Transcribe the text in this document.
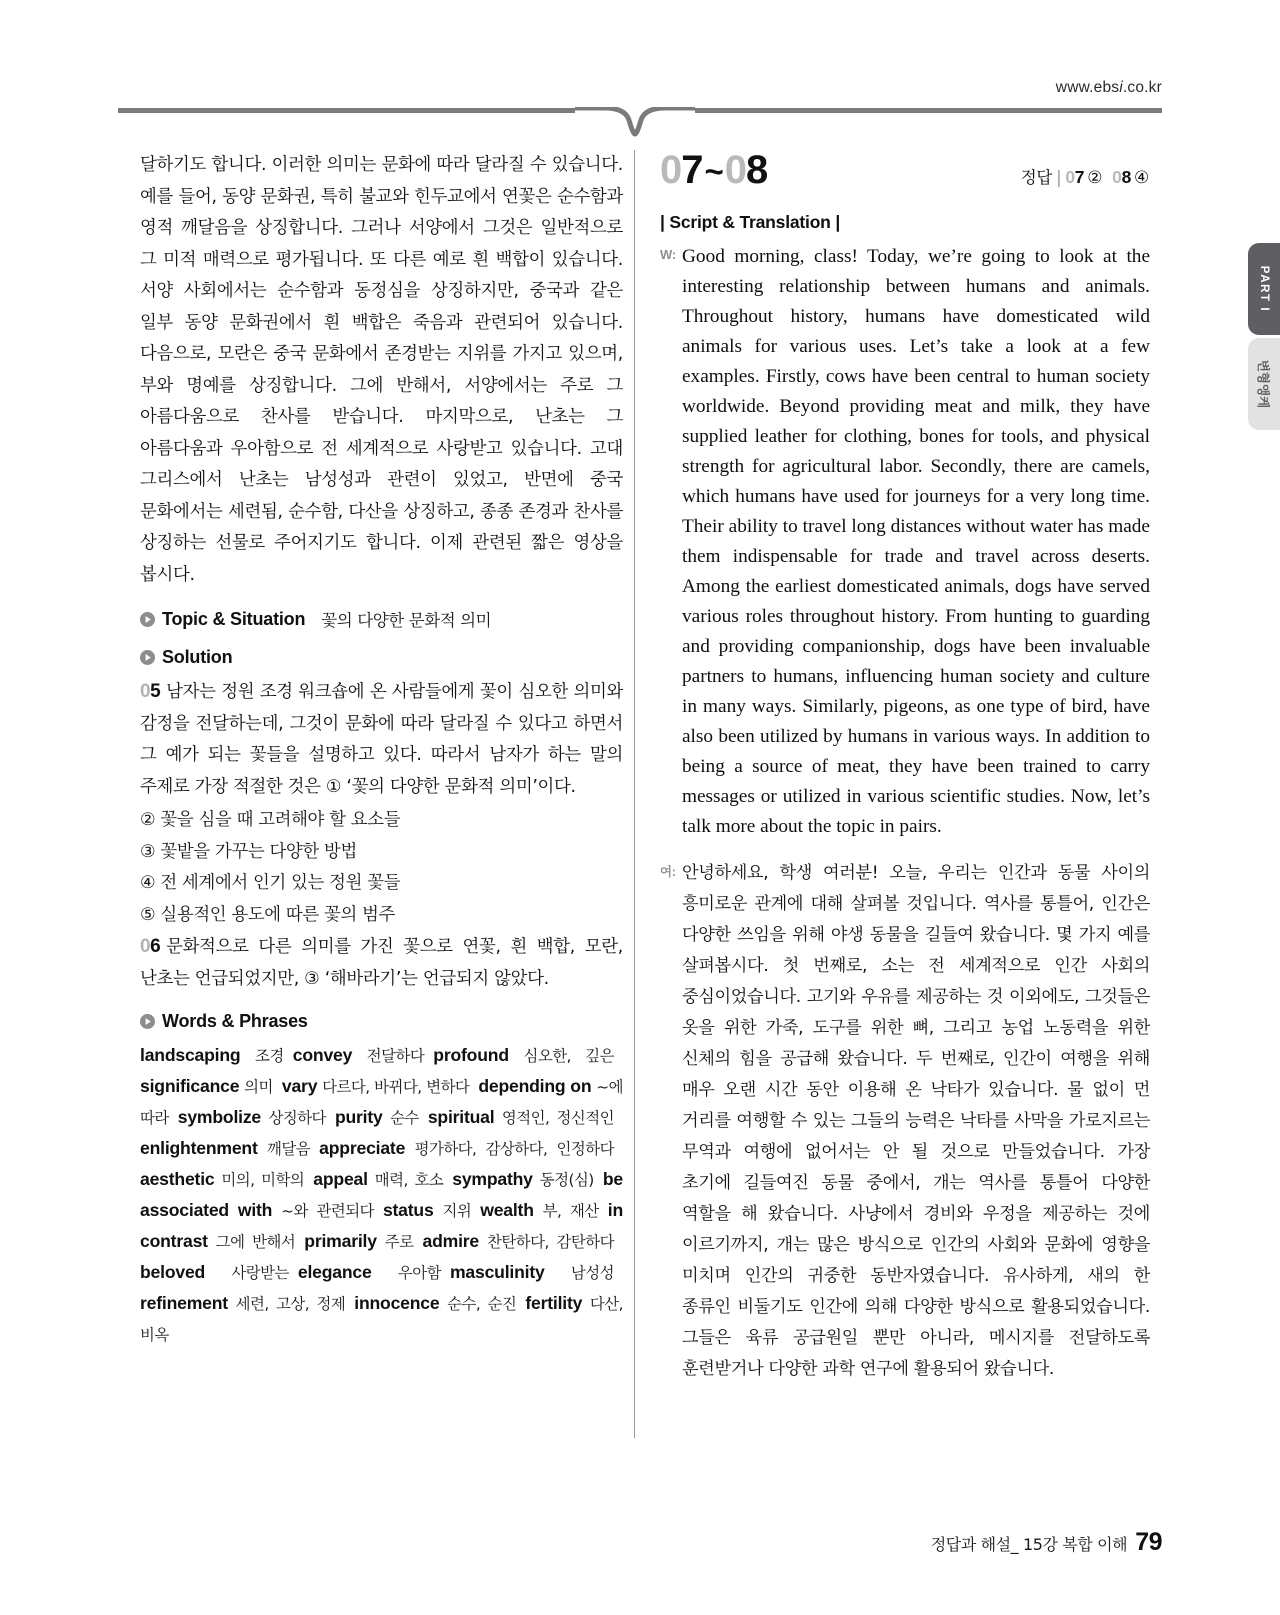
www.ebsi.co.kr

달하기도 합니다. 이러한 의미는 문화에 따라 달라질 수 있습니다. 예를 들어, 동양 문화권, 특히 불교와 힌두교에서 연꽃은 순수함과 영적 깨달음을 상징합니다. 그러나 서양에서 그것은 일반적으로 그 미적 매력으로 평가됩니다. 또 다른 예로 흰 백합이 있습니다. 서양 사회에서는 순수함과 동정심을 상징하지만, 중국과 같은 일부 동양 문화권에서 흰 백합은 죽음과 관련되어 있습니다. 다음으로, 모란은 중국 문화에서 존경받는 지위를 가지고 있으며, 부와 명예를 상징합니다. 그에 반해서, 서양에서는 주로 그 아름다움으로 찬사를 받습니다. 마지막으로, 난초는 그 아름다움과 우아함으로 전 세계적으로 사랑받고 있습니다. 고대 그리스에서 난초는 남성성과 관련이 있었고, 반면에 중국 문화에서는 세련됨, 순수함, 다산을 상징하고, 종종 존경과 찬사를 상징하는 선물로 주어지기도 합니다. 이제 관련된 짧은 영상을 봅시다.

Topic & Situation 꽃의 다양한 문화적 의미
Solution

05 남자는 정원 조경 워크숍에 온 사람들에게 꽃이 심오한 의미와 감정을 전달하는데, 그것이 문화에 따라 달라질 수 있다고 하면서 그 예가 되는 꽃들을 설명하고 있다. 따라서 남자가 하는 말의 주제로 가장 적절한 것은 ① ‘꽃의 다양한 문화적 의미’이다.

② 꽃을 심을 때 고려해야 할 요소들

③ 꽃밭을 가꾸는 다양한 방법

④ 전 세계에서 인기 있는 정원 꽃들

⑤ 실용적인 용도에 따른 꽃의 범주

06 문화적으로 다른 의미를 가진 꽃으로 연꽃, 흰 백합, 모란, 난초는 언급되었지만, ③ ‘해바라기’는 언급되지 않았다.

Words & Phrases
landscaping 조경 convey 전달하다 profound 심오한, 깊은significance 의미 vary 다르다, 바뀌다, 변하다 depending on ~에 따라 symbolize 상징하다 purity 순수 spiritual 영적인, 정신적인enlightenment 깨달음 appreciate 평가하다, 감상하다, 인정하다aesthetic 미의, 미학의 appeal 매력, 호소 sympathy 동정(심) be associated with ~와 관련되다 status 지위 wealth 부, 재산 in contrast 그에 반해서 primarily 주로 admire 찬탄하다, 감탄하다beloved 사랑받는 elegance 우아함 masculinity 남성성refinement 세련, 고상, 정제 innocence 순수, 순진 fertility 다산, 비옥
07~08	정답 | 07 ② 08 ④
| Script & Translation |
W: Good morning, class! Today, we’re going to look at the interesting relationship between humans and animals. Throughout history, humans have domesticated wild animals for various uses. Let’s take a look at a few examples. Firstly, cows have been central to human society worldwide. Beyond providing meat and milk, they have supplied leather for clothing, bones for tools, and physical strength for agricultural labor. Secondly, there are camels, which humans have used for journeys for a very long time. Their ability to travel long distances without water has made them indispensable for trade and travel across deserts. Among the earliest domesticated animals, dogs have served various roles throughout history. From hunting to guarding and providing companionship, dogs have been invaluable partners to humans, influencing human society and culture in many ways. Similarly, pigeons, as one type of bird, have also been utilized by humans in various ways. In addition to being a source of meat, they have been trained to carry messages or utilized in various scientific studies. Now, let’s talk more about the topic in pairs.

여: 안녕하세요, 학생 여러분! 오늘, 우리는 인간과 동물 사이의 흥미로운 관계에 대해 살펴볼 것입니다. 역사를 통틀어, 인간은 다양한 쓰임을 위해 야생 동물을 길들여 왔습니다. 몇 가지 예를 살펴봅시다. 첫 번째로, 소는 전 세계적으로 인간 사회의 중심이었습니다. 고기와 우유를 제공하는 것 이외에도, 그것들은 옷을 위한 가죽, 도구를 위한 뼈, 그리고 농업 노동력을 위한 신체의 힘을 공급해 왔습니다. 두 번째로, 인간이 여행을 위해 매우 오랜 시간 동안 이용해 온 낙타가 있습니다. 물 없이 먼 거리를 여행할 수 있는 그들의 능력은 낙타를 사막을 가로지르는 무역과 여행에 없어서는 안 될 것으로 만들었습니다. 가장 초기에 길들여진 동물 중에서, 개는 역사를 통틀어 다양한 역할을 해 왔습니다. 사냥에서 경비와 우정을 제공하는 것에 이르기까지, 개는 많은 방식으로 인간의 사회와 문화에 영향을 미치며 인간의 귀중한 동반자였습니다. 유사하게, 새의 한 종류인 비둘기도 인간에 의해 다양한 방식으로 활용되었습니다. 그들은 육류 공급원일 뿐만 아니라, 메시지를 전달하도록 훈련받거나 다양한 과학 연구에 활용되어 왔습니다.

PART I
변형앵케
정답과 해설_ 15강 복합 이해 79
